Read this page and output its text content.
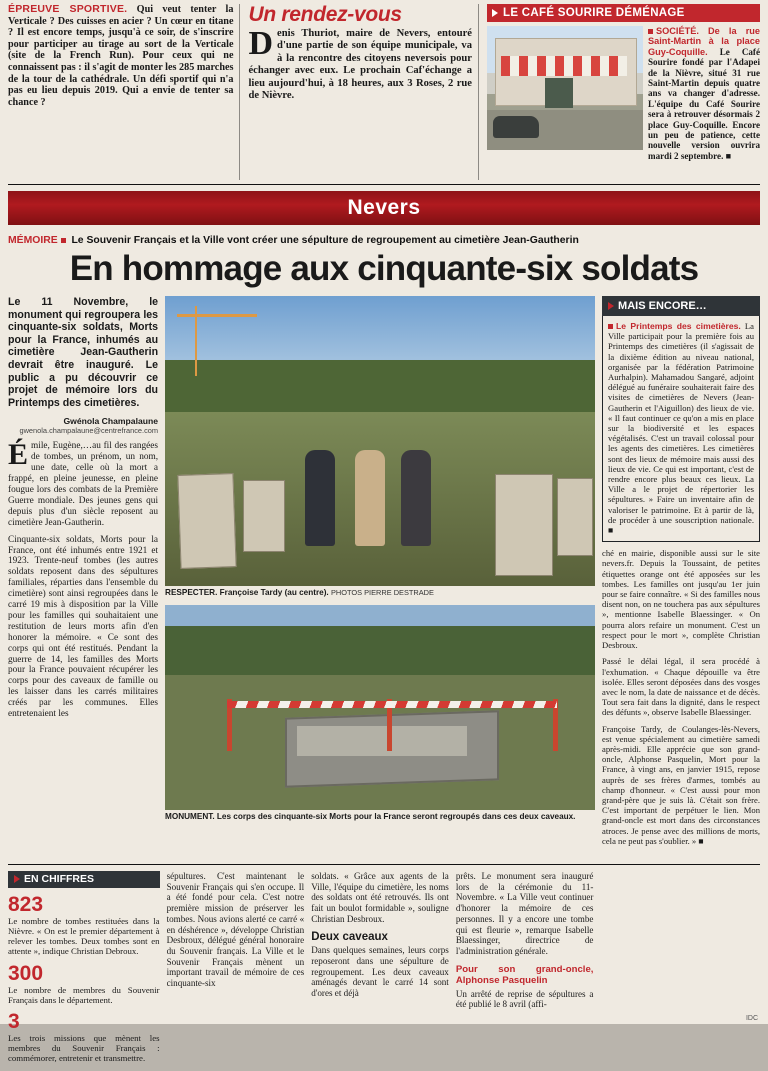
ÉPREUVE SPORTIVE. Qui veut tenter la Verticale ? Des cuisses en acier ? Un cœur en titane ? Il est encore temps, jusqu'à ce soir, de s'inscrire pour participer au tirage au sort de la Verticale (site de la French Run). Pour ceux qui ne connaissent pas : il s'agit de monter les 285 marches de la tour de la cathédrale. Un défi sportif qui n'a pas eu lieu depuis 2019. Qui a envie de tenter sa chance ?

Un rendez-vous

Denis Thuriot, maire de Nevers, entouré d'une partie de son équipe municipale, va à la rencontre des citoyens neversois pour échanger avec eux. Le prochain Caf'échange a lieu aujourd'hui, à 18 heures, aux 3 Roses, 2 rue de Nièvre.

LE CAFÉ SOURIRE DÉMÉNAGE
SOCIÉTÉ. De la rue Saint-Martin à la place Guy-Coquille. Le Café Sourire fondé par l'Adapei de la Nièvre, situé 31 rue Saint-Martin depuis quatre ans va changer d'adresse. L'équipe du Café Sourire sera à retrouver désormais 2 place Guy-Coquille. Encore un peu de patience, cette nouvelle version ouvrira mardi 2 septembre. ■
Nevers
MÉMOIRE Le Souvenir Français et la Ville vont créer une sépulture de regroupement au cimetière Jean-Gautherin
En hommage aux cinquante-six soldats

Le 11 Novembre, le monument qui regroupera les cinquante-six soldats, Morts pour la France, inhumés au cimetière Jean-Gautherin devrait être inauguré. Le public a pu découvrir ce projet de mémoire lors du Printemps des cimetières.

Gwénola Champalaune
gwenola.champalaune@centrefrance.com

Émile, Eugène,…au fil des rangées de tombes, un prénom, un nom, une date, celle où la mort a frappé, en pleine jeunesse, en pleine fougue lors des combats de la Première Guerre mondiale. Des jeunes gens qui depuis plus d'un siècle reposent au cimetière Jean-Gautherin.

Cinquante-six soldats, Morts pour la France, ont été inhumés entre 1921 et 1923. Trente-neuf tombes (les autres soldats reposent dans des sépultures familiales, réparties dans l'ensemble du cimetière) sont ainsi regroupées dans le carré 19 mis à disposition par la Ville pour les familles qui souhaitaient une restitution de leurs morts afin d'en honorer la mémoire. « Ce sont des corps qui ont été restitués. Pendant la guerre de 14, les familles des Morts pour la France pouvaient récupérer les corps pour des caveaux de famille ou les laisser dans les carrés militaires créés par les communes. Elles entretenaient les

RESPECTER. Françoise Tardy (au centre). PHOTOS PIERRE DESTRADE
MONUMENT. Les corps des cinquante-six Morts pour la France seront regroupés dans ces deux caveaux.
MAIS ENCORE…

Le Printemps des cimetières. La Ville participait pour la première fois au Printemps des cimetières (il s'agissait de la dixième édition au niveau national, organisée par la fédération Patrimoine Aurhalpin). Mahamadou Sangaré, adjoint délégué au funéraire souhaiterait faire des visites de cimetières de Nevers (Jean-Gautherin et l'Aiguillon) des lieux de vie. « Il faut continuer ce qu'on a mis en place sur la biodiversité et les espaces végétalisés. C'est un travail colossal pour les agents des cimetières. Les cimetières sont des lieux de mémoire mais aussi des lieux de vie. Ce qui est important, c'est de rendre encore plus beaux ces lieux. La Ville a le projet de répertorier les sépultures. » Faire un inventaire afin de valoriser le patrimoine. Et à partir de là, de procéder à une souscription nationale. ■

ché en mairie, disponible aussi sur le site nevers.fr. Depuis la Toussaint, de petites étiquettes orange ont été apposées sur les tombes. Les familles ont jusqu'au 1er juin pour se faire connaître. « Si des familles nous disent non, on ne touchera pas aux sépultures », mentionne Isabelle Blaessinger. « On pourra alors refaire un monument. C'est un respect pour le mort », complète Christian Desbroux.

Passé le délai légal, il sera procédé à l'exhumation. « Chaque dépouille va être isolée. Elles seront déposées dans des vosges avec le nom, la date de naissance et de décès. Tout sera fait dans la dignité, dans le respect des défunts », observe Isabelle Blaessinger.

Françoise Tardy, de Coulanges-lès-Nevers, est venue spécialement au cimetière samedi après-midi. Elle apprécie que son grand-oncle, Alphonse Pasquelin, Mort pour la France, à vingt ans, en janvier 1915, repose auprès de ses frères d'armes, tombés au champ d'honneur. « C'est aussi pour mon grand-père que je suis là. C'était son frère. C'est important de perpétuer le lien. Mon grand-oncle est mort dans des circonstances atroces. Je pense avec des millions de morts, cela ne peut pas s'oublier. » ■

EN CHIFFRES
823
Le nombre de tombes restituées dans la Nièvre. « On est le premier département à relever les tombes. Deux tombes sont en attente », indique Christian Debroux.
300
Le nombre de membres du Souvenir Français dans le département.
3
Les trois missions que mènent les membres du Souvenir Français : commémorer, entretenir et transmettre.

sépultures. C'est maintenant le Souvenir Français qui s'en occupe. Il a été fondé pour cela. C'est notre première mission de préserver les tombes. Nous avions alerté ce carré « en déshérence », développe Christian Desbroux, délégué général honoraire du Souvenir français. La Ville et le Souvenir Français mènent un important travail de mémoire de ces cinquante-six

soldats. « Grâce aux agents de la Ville, l'équipe du cimetière, les noms des soldats ont été retrouvés. Ils ont fait un boulot formidable », souligne Christian Desbroux.

Deux caveaux

Dans quelques semaines, leurs corps reposeront dans une sépulture de regroupement. Les deux caveaux aménagés devant le carré 14 sont d'ores et déjà

prêts. Le monument sera inauguré lors de la cérémonie du 11-Novembre. « La Ville veut continuer d'honorer la mémoire de ces personnes. Il y a encore une tombe qui est fleurie », remarque Isabelle Blaessinger, directrice de l'administration générale.

Pour son grand-oncle, Alphonse Pasquelin

Un arrêté de reprise de sépultures a été publié le 8 avril (affi-

IDC
